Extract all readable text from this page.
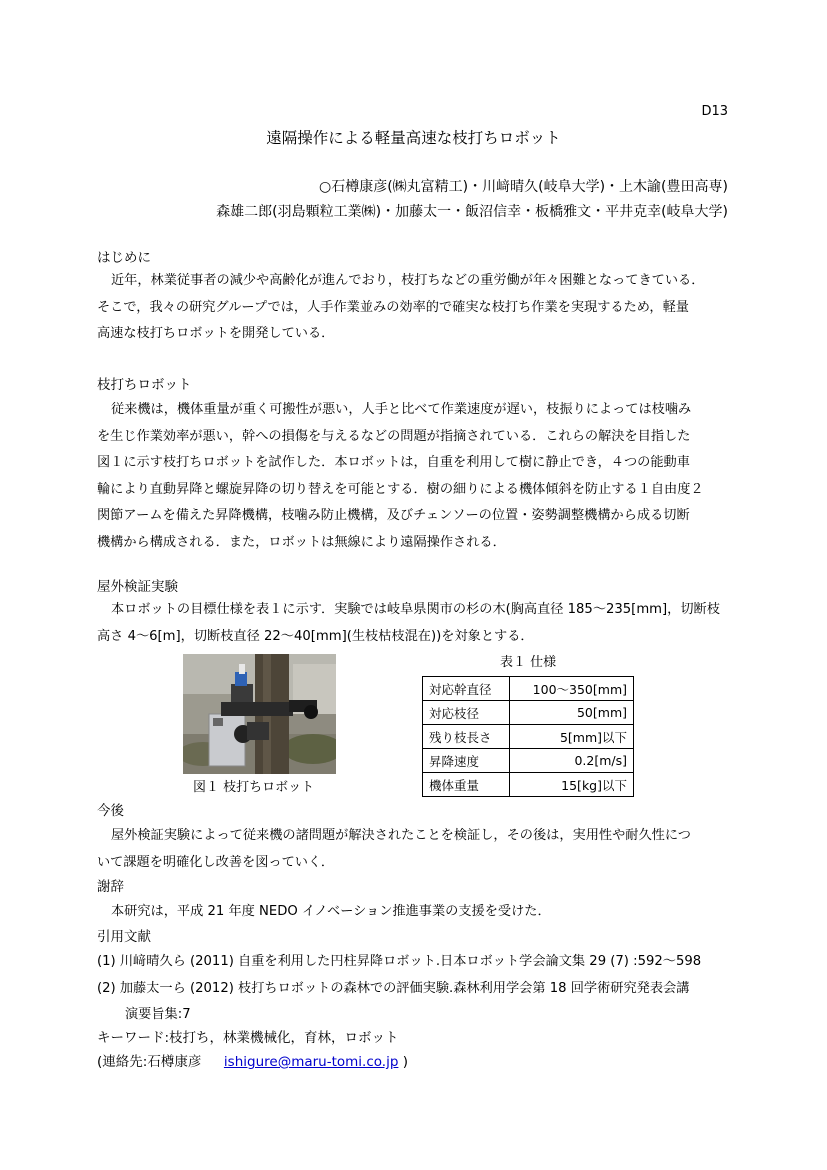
D13
遠隔操作による軽量高速な枝打ちロボット
○石樽康彦(㈱丸富精工)・川﨑晴久(岐阜大学)・上木諭(豊田高専)
森雄二郎(羽島顆粒工業㈱)・加藤太一・飯沼信幸・板橋雅文・平井克幸(岐阜大学)
はじめに

近年，林業従事者の減少や高齢化が進んでおり，枝打ちなどの重労働が年々困難となってきている．

そこで，我々の研究グループでは，人手作業並みの効率的で確実な枝打ち作業を実現するため，軽量

高速な枝打ちロボットを開発している．

枝打ちロボット

従来機は，機体重量が重く可搬性が悪い，人手と比べて作業速度が遅い，枝振りによっては枝噛み

を生じ作業効率が悪い，幹への損傷を与えるなどの問題が指摘されている．これらの解決を目指した

図１に示す枝打ちロボットを試作した．本ロボットは，自重を利用して樹に静止でき，４つの能動車

輪により直動昇降と螺旋昇降の切り替えを可能とする．樹の細りによる機体傾斜を防止する１自由度２

関節アームを備えた昇降機構，枝噛み防止機構，及びチェンソーの位置・姿勢調整機構から成る切断

機構から構成される．また，ロボットは無線により遠隔操作される．

屋外検証実験

本ロボットの目標仕様を表１に示す．実験では岐阜県関市の杉の木(胸高直径 185～235[mm]，切断枝

高さ 4～6[m]，切断枝直径 22～40[mm](生枝枯枝混在))を対象とする．

図１ 枝打ちロボット
表１ 仕様
対応幹直径	100～350[mm]
対応枝径	50[mm]
残り枝長さ	5[mm]以下
昇降速度	0.2[m/s]
機体重量	15[kg]以下
今後

屋外検証実験によって従来機の諸問題が解決されたことを検証し，その後は，実用性や耐久性につ

いて課題を明確化し改善を図っていく．

謝辞

本研究は，平成 21 年度 NEDO イノベーション推進事業の支援を受けた．

引用文献

(1) 川﨑晴久ら (2011) 自重を利用した円柱昇降ロボット.日本ロボット学会論文集 29 (7) :592～598

(2) 加藤太一ら (2012) 枝打ちロボットの森林での評価実験.森林利用学会第 18 回学術研究発表会講

演要旨集:7

キーワード:枝打ち，林業機械化，育林，ロボット
(連絡先:石樽康彦 ishigure@maru-tomi.co.jp )
